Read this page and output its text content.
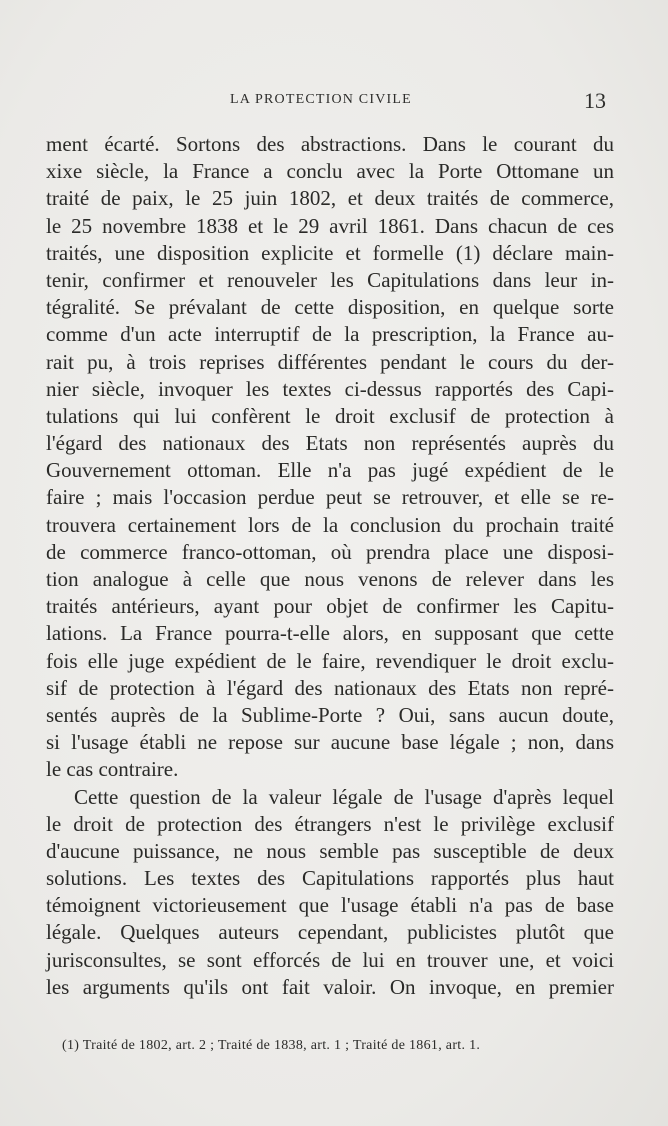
LA PROTECTION CIVILE	13
ment écarté. Sortons des abstractions. Dans le courant du
xixe siècle, la France a conclu avec la Porte Ottomane un
traité de paix, le 25 juin 1802, et deux traités de commerce,
le 25 novembre 1838 et le 29 avril 1861. Dans chacun de ces
traités, une disposition explicite et formelle (1) déclare main-
tenir, confirmer et renouveler les Capitulations dans leur in-
tégralité. Se prévalant de cette disposition, en quelque sorte
comme d'un acte interruptif de la prescription, la France au-
rait pu, à trois reprises différentes pendant le cours du der-
nier siècle, invoquer les textes ci-dessus rapportés des Capi-
tulations qui lui confèrent le droit exclusif de protection à
l'égard des nationaux des Etats non représentés auprès du
Gouvernement ottoman. Elle n'a pas jugé expédient de le
faire ; mais l'occasion perdue peut se retrouver, et elle se re-
trouvera certainement lors de la conclusion du prochain traité
de commerce franco-ottoman, où prendra place une disposi-
tion analogue à celle que nous venons de relever dans les
traités antérieurs, ayant pour objet de confirmer les Capitu-
lations. La France pourra-t-elle alors, en supposant que cette
fois elle juge expédient de le faire, revendiquer le droit exclu-
sif de protection à l'égard des nationaux des Etats non repré-
sentés auprès de la Sublime-Porte ? Oui, sans aucun doute,
si l'usage établi ne repose sur aucune base légale ; non, dans
le cas contraire.
Cette question de la valeur légale de l'usage d'après lequel
le droit de protection des étrangers n'est le privilège exclusif
d'aucune puissance, ne nous semble pas susceptible de deux
solutions. Les textes des Capitulations rapportés plus haut
témoignent victorieusement que l'usage établi n'a pas de base
légale. Quelques auteurs cependant, publicistes plutôt que
jurisconsultes, se sont efforcés de lui en trouver une, et voici
les arguments qu'ils ont fait valoir. On invoque, en premier
(1) Traité de 1802, art. 2 ; Traité de 1838, art. 1 ; Traité de 1861, art. 1.
